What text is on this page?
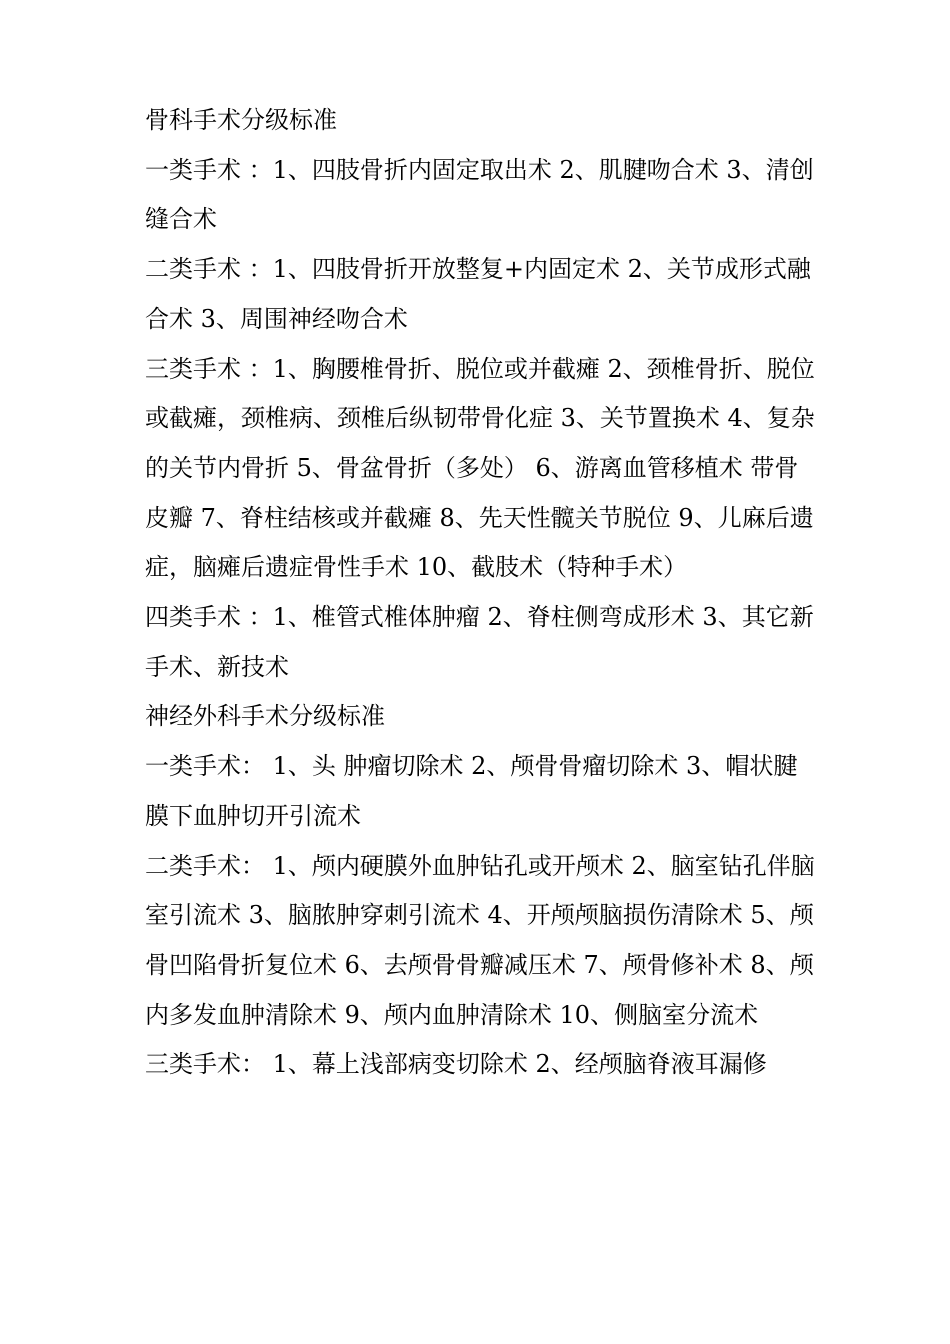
骨科手术分级标准

一类手术 ：1、四肢骨折内固定取出术 2、肌腱吻合术 3、清创缝合术

二类手术 ：1、四肢骨折开放整复+内固定术 2、关节成形式融合术 3、周围神经吻合术

三类手术 ：1、胸腰椎骨折、脱位或并截瘫 2、颈椎骨折、脱位或截瘫，颈椎病、颈椎后纵韧带骨化症 3、关节置换术 4、复杂的关节内骨折 5、骨盆骨折（多处） 6、游离血管移植术 带骨皮瓣 7、脊柱结核或并截瘫 8、先天性髋关节脱位 9、儿麻后遗症，脑瘫后遗症骨性手术 10、截肢术（特种手术）

四类手术 ：1、椎管式椎体肿瘤 2、脊柱侧弯成形术 3、其它新手术、新技术

神经外科手术分级标准

一类手术： 1、头 肿瘤切除术 2、颅骨骨瘤切除术 3、帽状腱膜下血肿切开引流术

二类手术： 1、颅内硬膜外血肿钻孔或开颅术 2、脑室钻孔伴脑室引流术 3、脑脓肿穿刺引流术 4、开颅颅脑损伤清除术 5、颅骨凹陷骨折复位术 6、去颅骨骨瓣减压术 7、颅骨修补术 8、颅内多发血肿清除术 9、颅内血肿清除术 10、侧脑室分流术

三类手术： 1、幕上浅部病变切除术 2、经颅脑脊液耳漏修
